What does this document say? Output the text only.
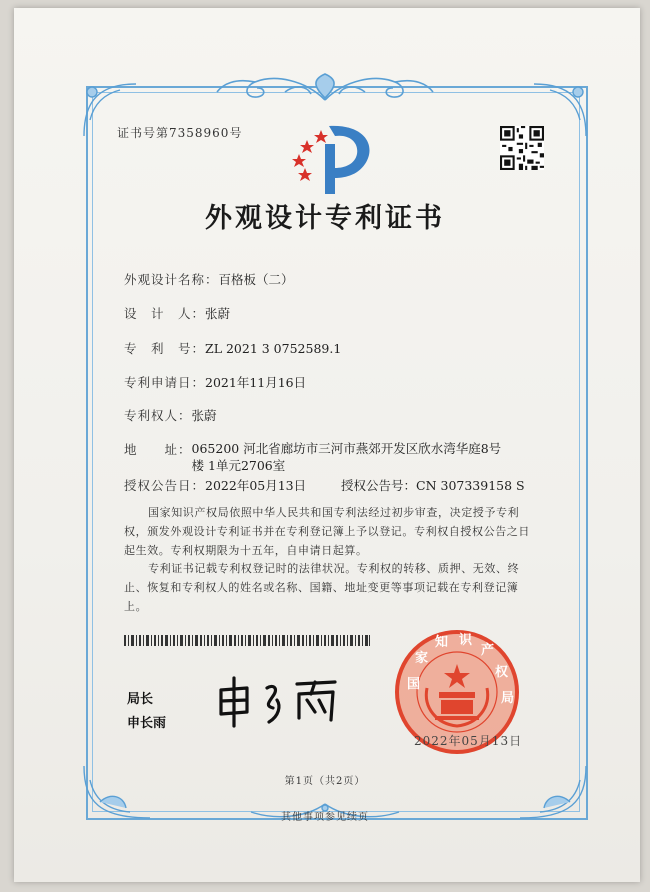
证书号第7358960号
外观设计专利证书
外观设计名称：百格板（二）
设　计　人：张蔚
专　利　号：ZL 2021 3 0752589.1
专利申请日：2021年11月16日
专利权人：张蔚
地　　址：065200 河北省廊坊市三河市燕郊开发区欣水湾华庭8号楼 1单元2706室
授权公告日：2022年05月13日	授权公告号：CN 307339158 S
国家知识产权局依照中华人民共和国专利法经过初步审查，决定授予专利权，颁发外观设计专利证书并在专利登记簿上予以登记。专利权自授权公告之日起生效。专利权期限为十五年，自申请日起算。
专利证书记载专利权登记时的法律状况。专利权的转移、质押、无效、终止、恢复和专利权人的姓名或名称、国籍、地址变更等事项记载在专利登记簿上。
局长
申长雨
国
家
知 识
产
权
局
2022年05月13日
第1页（共2页）
其他事项参见续页
